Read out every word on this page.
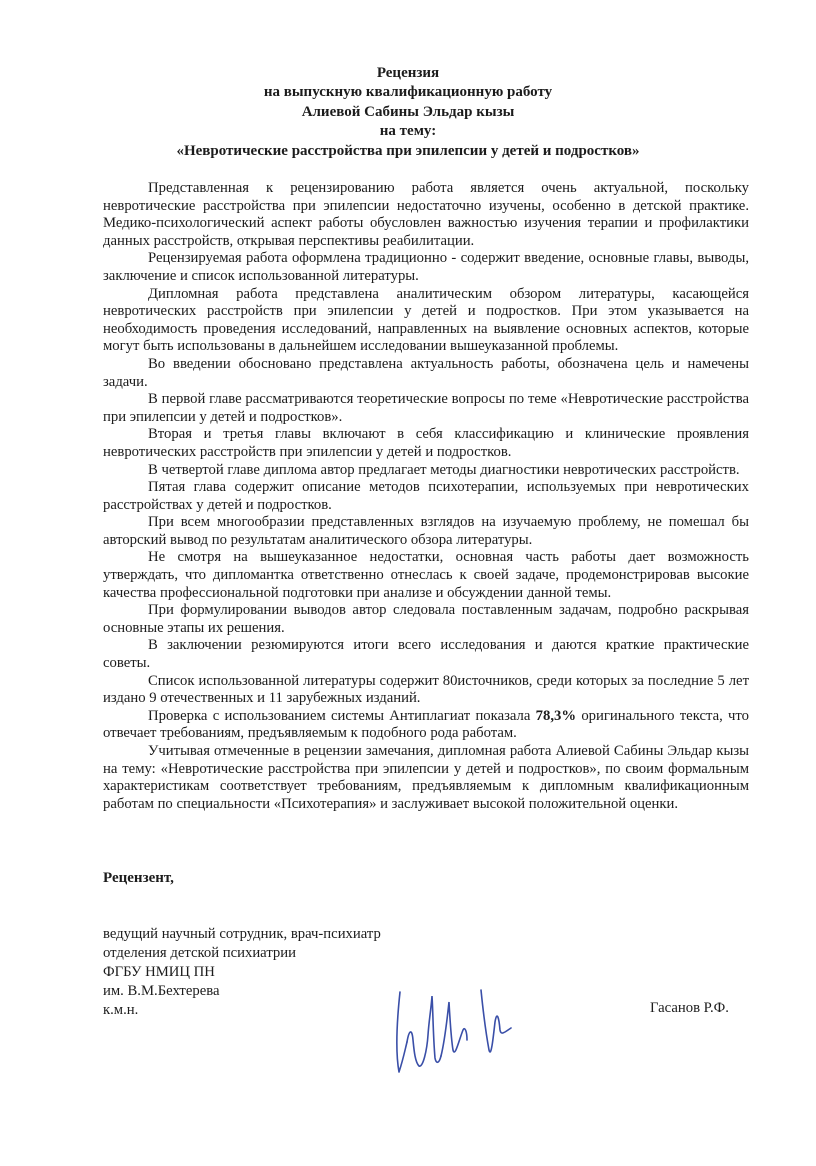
Рецензия
на выпускную квалификационную работу
Алиевой Сабины Эльдар кызы
на тему:
«Невротические расстройства при эпилепсии у детей и подростков»

Представленная к рецензированию работа является очень актуальной, поскольку невротические расстройства при эпилепсии недостаточно изучены, особенно в детской практике. Медико-психологический аспект работы обусловлен важностью изучения терапии и профилактики данных расстройств, открывая перспективы реабилитации.

Рецензируемая работа оформлена традиционно - содержит введение, основные главы, выводы, заключение и список использованной литературы.

Дипломная работа представлена аналитическим обзором литературы, касающейся невротических расстройств при эпилепсии у детей и подростков. При этом указывается на необходимость проведения исследований, направленных на выявление основных аспектов, которые могут быть использованы в дальнейшем исследовании вышеуказанной проблемы.

Во введении обосновано представлена актуальность работы, обозначена цель и намечены задачи.

В первой главе рассматриваются теоретические вопросы по теме «Невротические расстройства при эпилепсии у детей и подростков».

Вторая и третья главы включают в себя классификацию и клинические проявления невротических расстройств при эпилепсии у детей и подростков.

В четвертой главе диплома автор предлагает методы диагностики невротических расстройств.

Пятая глава содержит описание методов психотерапии, используемых при невротических расстройствах у детей и подростков.

При всем многообразии представленных взглядов на изучаемую проблему, не помешал бы авторский вывод по результатам аналитического обзора литературы.

Не смотря на вышеуказанное недостатки, основная часть работы дает возможность утверждать, что дипломантка ответственно отнеслась к своей задаче, продемонстрировав высокие качества профессиональной подготовки при анализе и обсуждении данной темы.

При формулировании выводов автор следовала поставленным задачам, подробно раскрывая основные этапы их решения.

В заключении резюмируются итоги всего исследования и даются краткие практические советы.

Список использованной литературы содержит 80источников, среди которых за последние 5 лет издано 9 отечественных и 11 зарубежных изданий.

Проверка с использованием системы Антиплагиат показала 78,3% оригинального текста, что отвечает требованиям, предъявляемым к подобного рода работам.

Учитывая отмеченные в рецензии замечания, дипломная работа Алиевой Сабины Эльдар кызы на тему: «Невротические расстройства при эпилепсии у детей и подростков», по своим формальным характеристикам соответствует требованиям, предъявляемым к дипломным квалификационным работам по специальности «Психотерапия» и заслуживает высокой положительной оценки.

Рецензент,
ведущий научный сотрудник, врач-психиатр
отделения детской психиатрии
ФГБУ НМИЦ ПН
им. В.М.Бехтерева
к.м.н.	Гасанов Р.Ф.
